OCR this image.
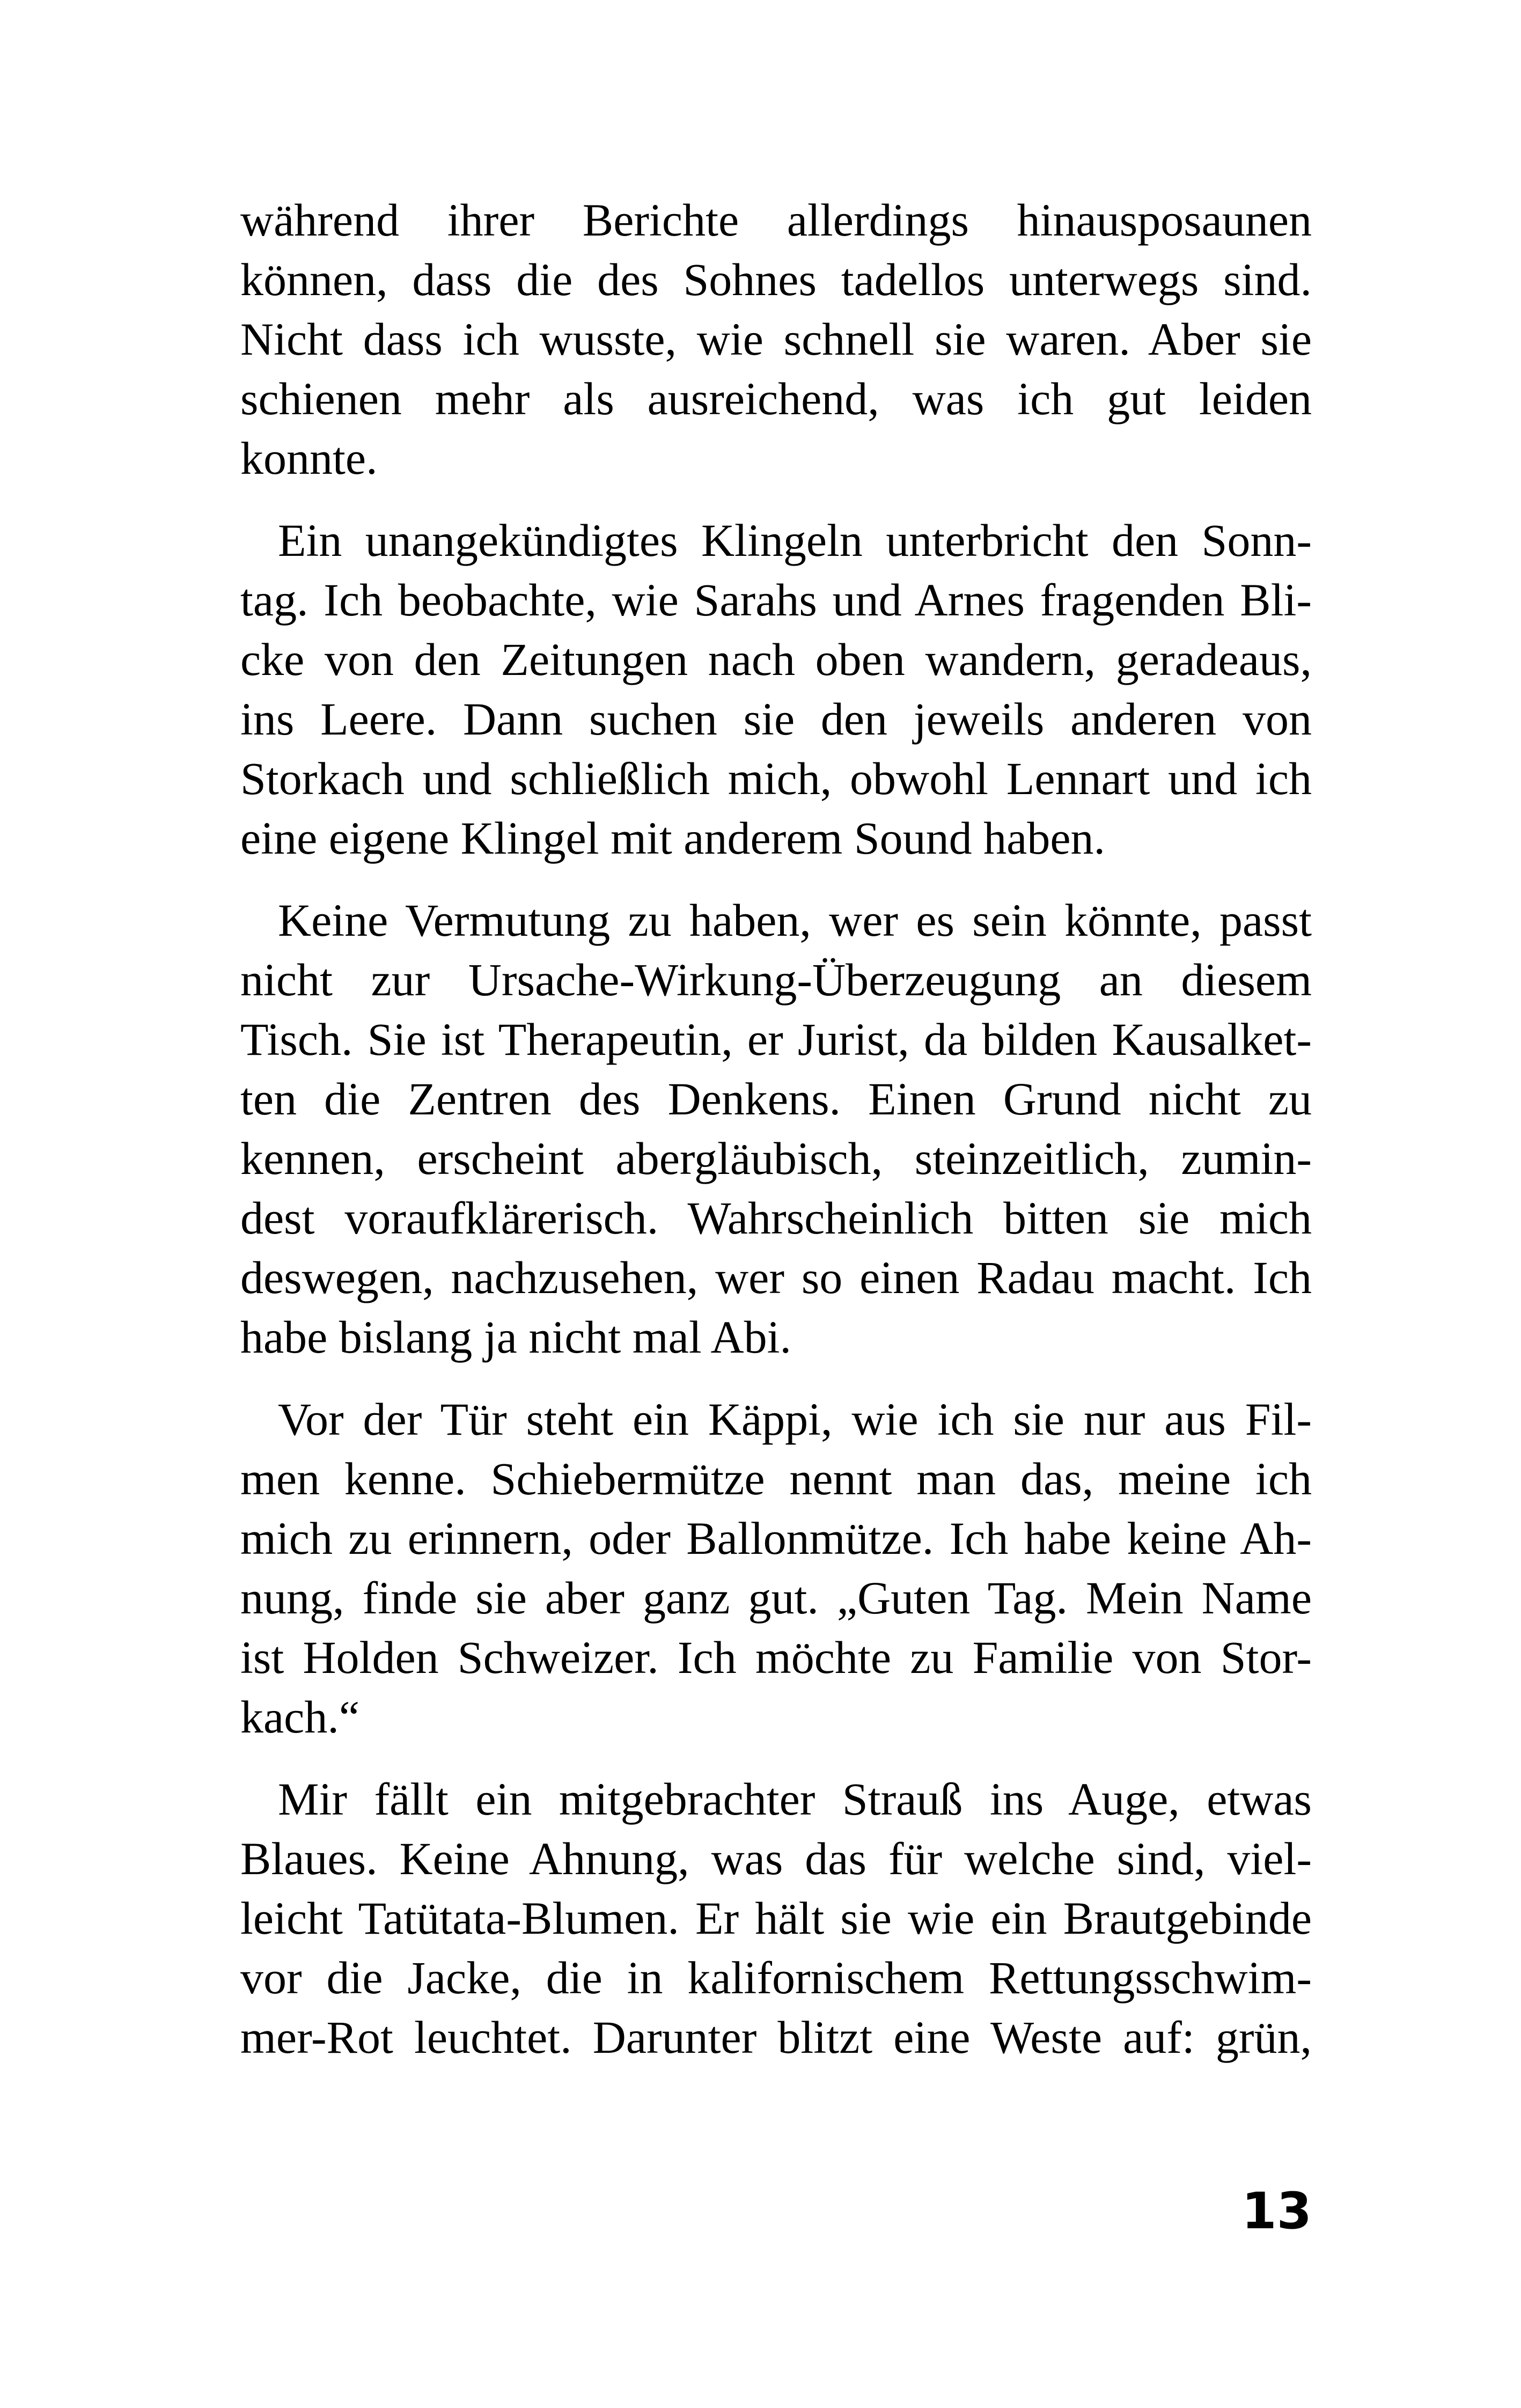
während ihrer Berichte allerdings hinausposaunen
können, dass die des Sohnes tadellos unterwegs sind.
Nicht dass ich wusste, wie schnell sie waren. Aber sie
schienen mehr als ausreichend, was ich gut leiden
konnte.
Ein unangekündigtes Klingeln unterbricht den Sonn-
tag. Ich beobachte, wie Sarahs und Arnes fragenden Bli-
cke von den Zeitungen nach oben wandern, geradeaus,
ins Leere. Dann suchen sie den jeweils anderen von
Storkach und schließlich mich, obwohl Lennart und ich
eine eigene Klingel mit anderem Sound haben.
Keine Vermutung zu haben, wer es sein könnte, passt
nicht zur Ursache-Wirkung-Überzeugung an diesem
Tisch. Sie ist Therapeutin, er Jurist, da bilden Kausalket-
ten die Zentren des Denkens. Einen Grund nicht zu
kennen, erscheint abergläubisch, steinzeitlich, zumin-
dest voraufklärerisch. Wahrscheinlich bitten sie mich
deswegen, nachzusehen, wer so einen Radau macht. Ich
habe bislang ja nicht mal Abi.
Vor der Tür steht ein Käppi, wie ich sie nur aus Fil-
men kenne. Schiebermütze nennt man das, meine ich
mich zu erinnern, oder Ballonmütze. Ich habe keine Ah-
nung, finde sie aber ganz gut. „Guten Tag. Mein Name
ist Holden Schweizer. Ich möchte zu Familie von Stor-
kach.“
Mir fällt ein mitgebrachter Strauß ins Auge, etwas
Blaues. Keine Ahnung, was das für welche sind, viel-
leicht Tatütata-Blumen. Er hält sie wie ein Brautgebinde
vor die Jacke, die in kalifornischem Rettungsschwim-
mer-Rot leuchtet. Darunter blitzt eine Weste auf: grün,
13
